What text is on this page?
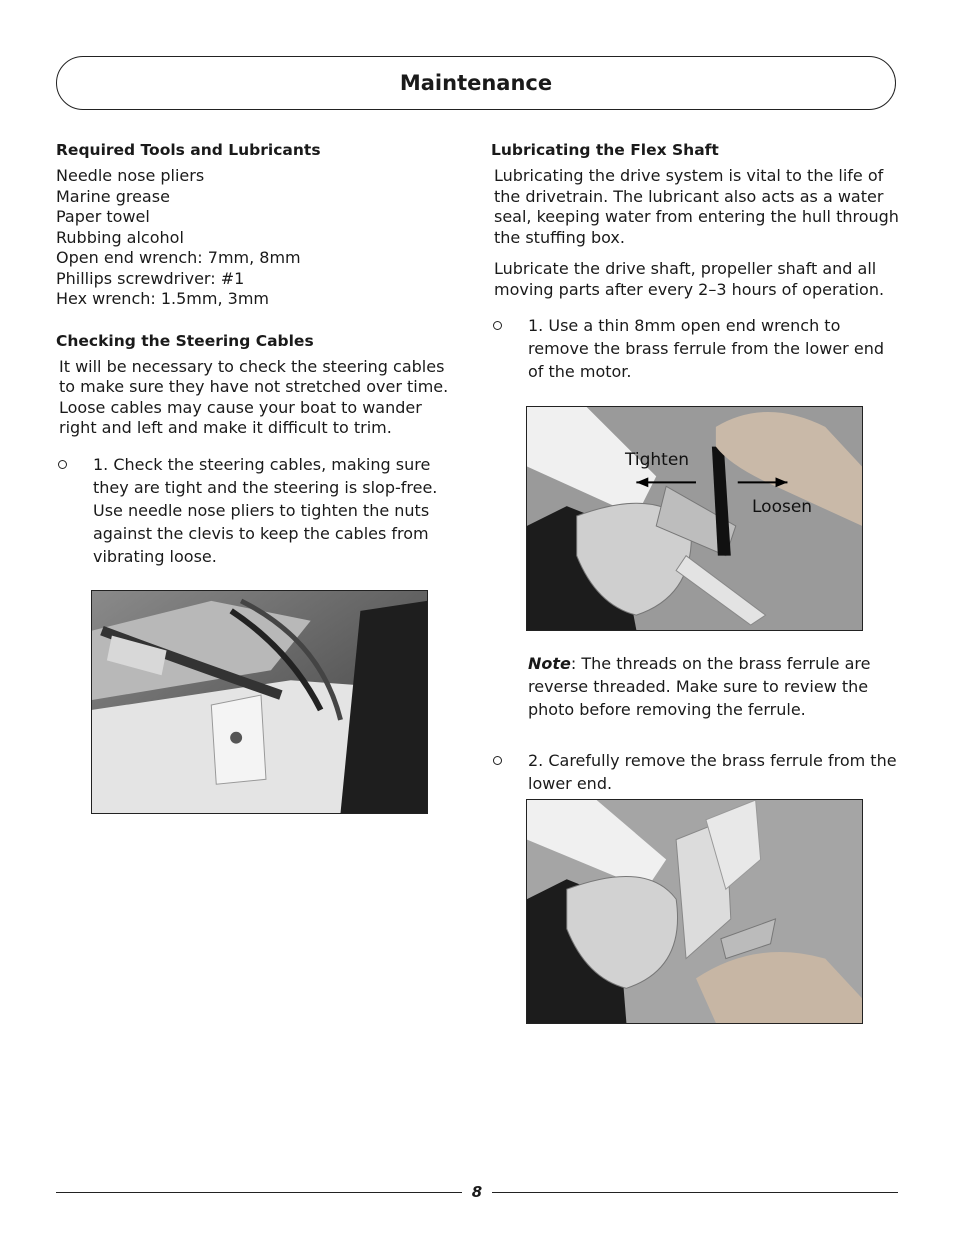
Maintenance
Required Tools and Lubricants
Needle nose pliers
Marine grease
Paper towel
Rubbing alcohol
Open end wrench: 7mm, 8mm
Phillips screwdriver: #1
Hex wrench: 1.5mm, 3mm
Checking the Steering Cables

It will be necessary to check the steering cables to make sure they have not stretched over time. Loose cables may cause your boat to wander right and left and make it difficult to trim.

1. Check the steering cables, making sure they are tight and the steering is slop-free. Use needle nose pliers to tighten the nuts against the clevis to keep the cables from vibrating loose.
Lubricating the Flex Shaft

Lubricating the drive system is vital to the life of the drivetrain. The lubricant also acts as a water seal, keeping water from entering the hull through the stuffing box.

Lubricate the drive shaft, propeller shaft and all moving parts after every 2–3 hours of operation.

1. Use a thin 8mm open end wrench to remove the brass ferrule from the lower end of the motor.
Tighten
Loosen
Note: The threads on the brass ferrule are reverse threaded. Make sure to review the photo before removing the ferrule.
2. Carefully remove the brass ferrule from the lower end.
8
